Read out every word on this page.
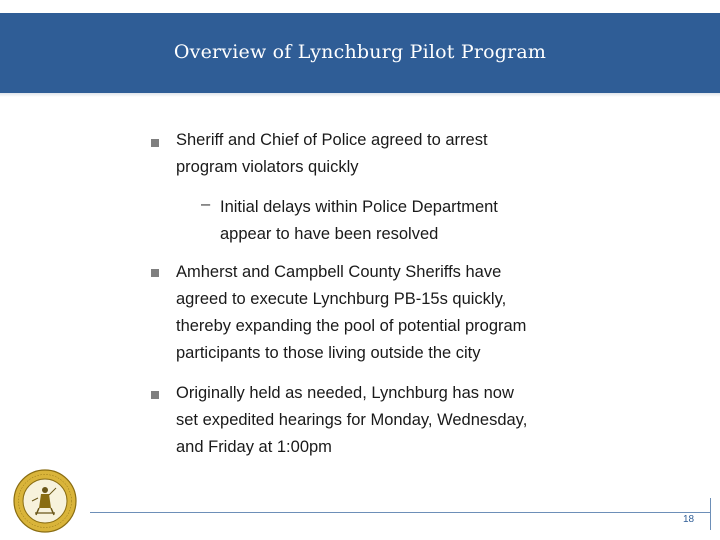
Overview of Lynchburg Pilot Program
Sheriff and Chief of Police agreed to arrest
program violators quickly
– Initial delays within Police Department
appear to have been resolved
Amherst and Campbell County Sheriffs have
agreed to execute Lynchburg PB-15s quickly,
thereby expanding the pool of potential program
participants to those living outside the city
Originally held as needed, Lynchburg has now
set expedited hearings for Monday, Wednesday,
and Friday at 1:00pm
18
